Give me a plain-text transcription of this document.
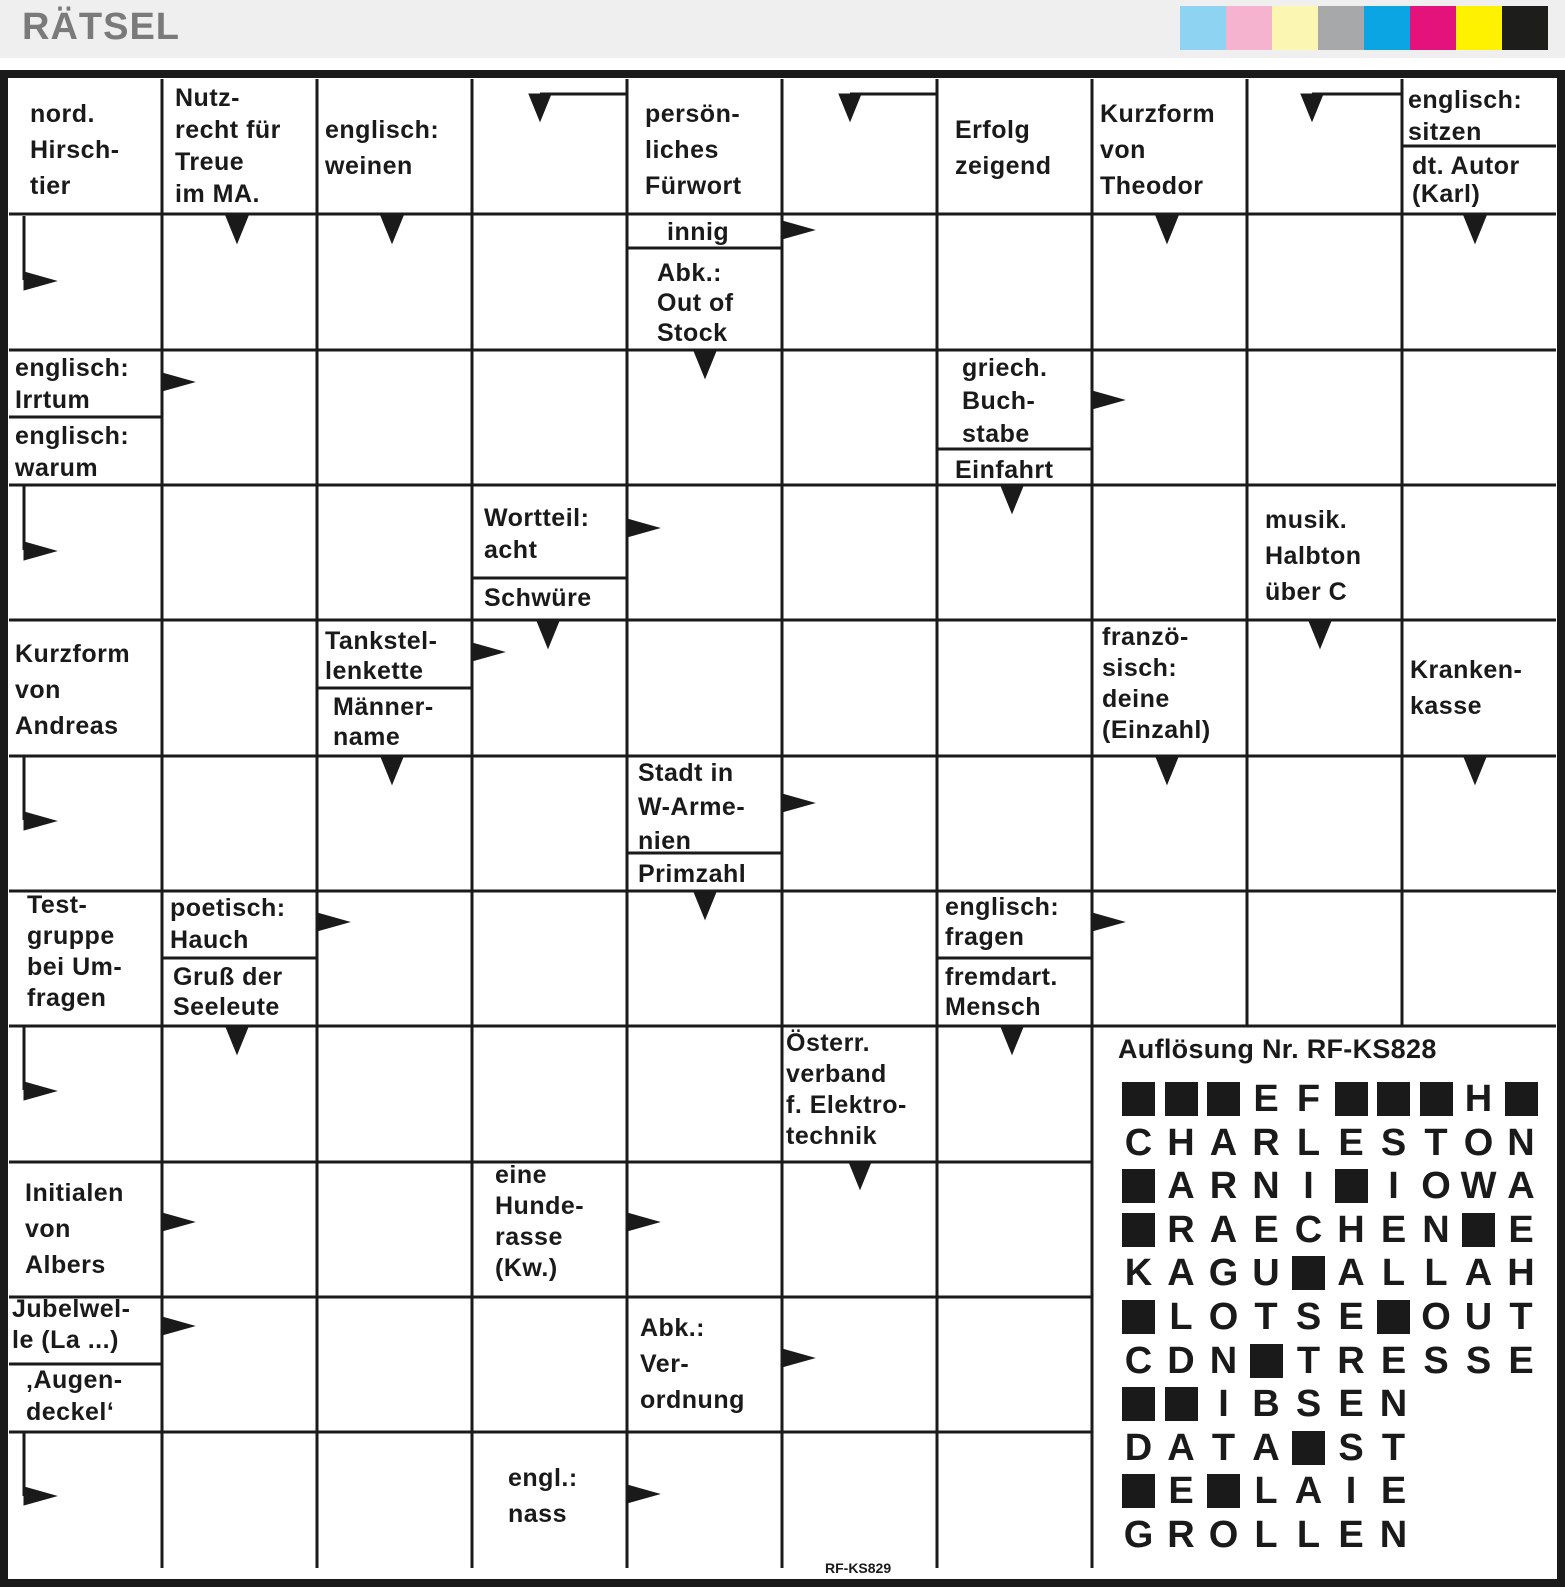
RÄTSEL
nord.
Hirsch-
tier
Nutz-
recht für
Treue
im MA.
englisch:
weinen
persön-
liches
Fürwort
Erfolg
zeigend
Kurzform
von
Theodor
englisch:
sitzen
dt. Autor
(Karl)
innig
Abk.:
Out of
Stock
englisch:
Irrtum
englisch:
warum
griech.
Buch-
stabe
Einfahrt
Wortteil:
acht
Schwüre
musik.
Halbton
über C
Kurzform
von
Andreas
Tankstel-
lenkette
Männer-
name
franzö-
sisch:
deine
(Einzahl)
Kranken-
kasse
Stadt in
W-Arme-
nien
Primzahl
Test-
gruppe
bei Um-
fragen
poetisch:
Hauch
Gruß der
Seeleute
englisch:
fragen
fremdart.
Mensch
Österr.
verband
f. Elektro-
technik
eine
Hunde-
rasse
(Kw.)
Initialen
von
Albers
Jubelwel-
le (La ...)
‚Augen-
deckel‘
Abk.:
Ver-
ordnung
engl.:
nass
Auflösung Nr. RF-KS828
E F	H
C H A R L E S T O N
A R N I	I O W A
R A E C H E N E
K A G U A L L A H
L O T S E O U T
C D N T R E S S E
I B S E N
D A T A S T
E L A I E
G R O L L E N
RF-KS829
